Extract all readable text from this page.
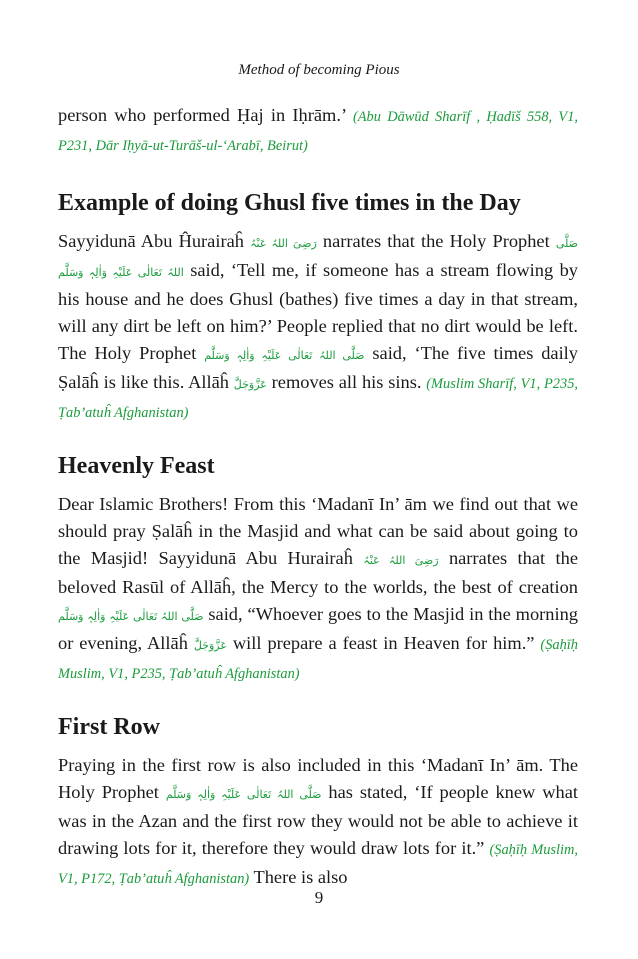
Method of becoming Pious

person who performed Ḥaj in Iḥrām.’ (Abu Dāwūd Sharīf , Ḥadīš 558, V1, P231, Dār Iḥyā-ut-Turāš-ul-‘Arabī, Beirut)

Example of doing Ghusl five times in the Day

Sayyidunā Abu Ĥurairaĥ رَضِیَ اللہُ عَنْہُ narrates that the Holy Prophet صَلَّی اللہُ تَعَالٰی عَلَیْہِ وَاٰلِہٖ وَسَلَّم said, ‘Tell me, if someone has a stream flowing by his house and he does Ghusl (bathes) five times a day in that stream, will any dirt be left on him?’ People replied that no dirt would be left. The Holy Prophet صَلَّی اللہُ تَعَالٰی عَلَیْہِ وَاٰلِہٖ وَسَلَّم said, ‘The five times daily Ṣalāĥ is like this. Allāĥ عَزَّوَجَلَّ removes all his sins. (Muslim Sharīf, V1, P235, Ṭab’atuĥ Afghanistan)

Heavenly Feast

Dear Islamic Brothers! From this ‘Madanī In’ ām we find out that we should pray Ṣalāĥ in the Masjid and what can be said about going to the Masjid! Sayyidunā Abu Hurairaĥ رَضِیَ اللہُ عَنْہُ narrates that the beloved Rasūl of Allāĥ, the Mercy to the worlds, the best of creation صَلَّی اللہُ تَعَالٰی عَلَیْہِ وَاٰلِہٖ وَسَلَّم said, “Whoever goes to the Masjid in the morning or evening, Allāĥ عَزَّوَجَلَّ will prepare a feast in Heaven for him.” (Ṣaḥīḥ Muslim, V1, P235, Ṭab’atuĥ Afghanistan)

First Row

Praying in the first row is also included in this ‘Madanī In’ ām. The Holy Prophet صَلَّی اللہُ تَعَالٰی عَلَیْہِ وَاٰلِہٖ وَسَلَّم has stated, ‘If people knew what was in the Azan and the first row they would not be able to achieve it drawing lots for it, therefore they would draw lots for it.” (Ṣaḥīḥ Muslim, V1, P172, Ṭab’atuĥ Afghanistan) There is also

9
